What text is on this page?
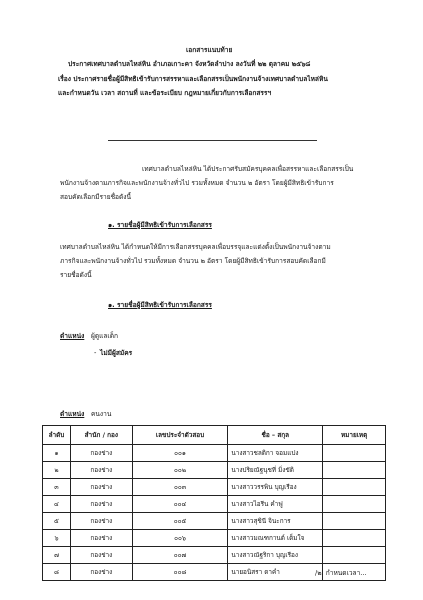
เอกสารแนบท้าย
ประกาศเทศบาลตำบลไหล่หิน อำเภอเกาะคา จังหวัดลำปาง ลงวันที่ ๒๒ ตุลาคม ๒๕๖๘
เรื่อง ประกาศรายชื่อผู้มีสิทธิเข้ารับการสรรหาและเลือกสรรเป็นพนักงานจ้างเทศบาลตำบลไหล่หิน
และกำหนดวัน เวลา สถานที่ และข้อระเบียบ กฎหมายเกี่ยวกับการเลือกสรรฯ
เทศบาลตำบลไหล่หิน ได้ประกาศรับสมัครบุคคลเพื่อสรรหาและเลือกสรรเป็น
พนักงานจ้างตามภารกิจและพนักงานจ้างทั่วไป รวมทั้งหมด จำนวน ๒ อัตรา โดยผู้มีสิทธิเข้ารับการ
สอบคัดเลือกมีรายชื่อดังนี้
๑. รายชื่อผู้มีสิทธิเข้ารับการเลือกสรร
เทศบาลตำบลไหล่หิน ได้กำหนดให้มีการเลือกสรรบุคคลเพื่อบรรจุและแต่งตั้งเป็นพนักงานจ้างตาม
ภารกิจและพนักงานจ้างทั่วไป รวมทั้งหมด จำนวน ๒ อัตรา โดยผู้มีสิทธิเข้ารับการสอบคัดเลือกมี
รายชื่อดังนี้
๑. รายชื่อผู้มีสิทธิเข้ารับการเลือกสรร
ตำแหน่ง ผู้ดูแลเด็ก
- ไม่มีผู้สมัคร
ตำแหน่ง คนงาน
ลำดับ	สำนัก / กอง	เลขประจำตัวสอบ	ชื่อ – สกุล	หมายเหตุ
๑	กองช่าง	๐๐๑	นางสาวชลติกา จอมแปง	
๒	กองช่าง	๐๐๒	นางปริยณัฐนุชที่ มิ่งขัติ	
๓	กองช่าง	๐๐๓	นางสาววรรพิน บุญเรือง	
๔	กองช่าง	๐๐๔	นางสาวไอรีน คำฟู	
๕	กองช่าง	๐๐๕	นางสาวสุชินี จินะการ	
๖	กองช่าง	๐๐๖	นางสาวมณฑกานต์ เต็มใจ	
๗	กองช่าง	๐๐๗	นางสาวณัฐริกา บุญเรือง	
๘	กองช่าง	๐๐๘	นายอนิสรา ดาคำ		/๒. กำหนดเวลา...
